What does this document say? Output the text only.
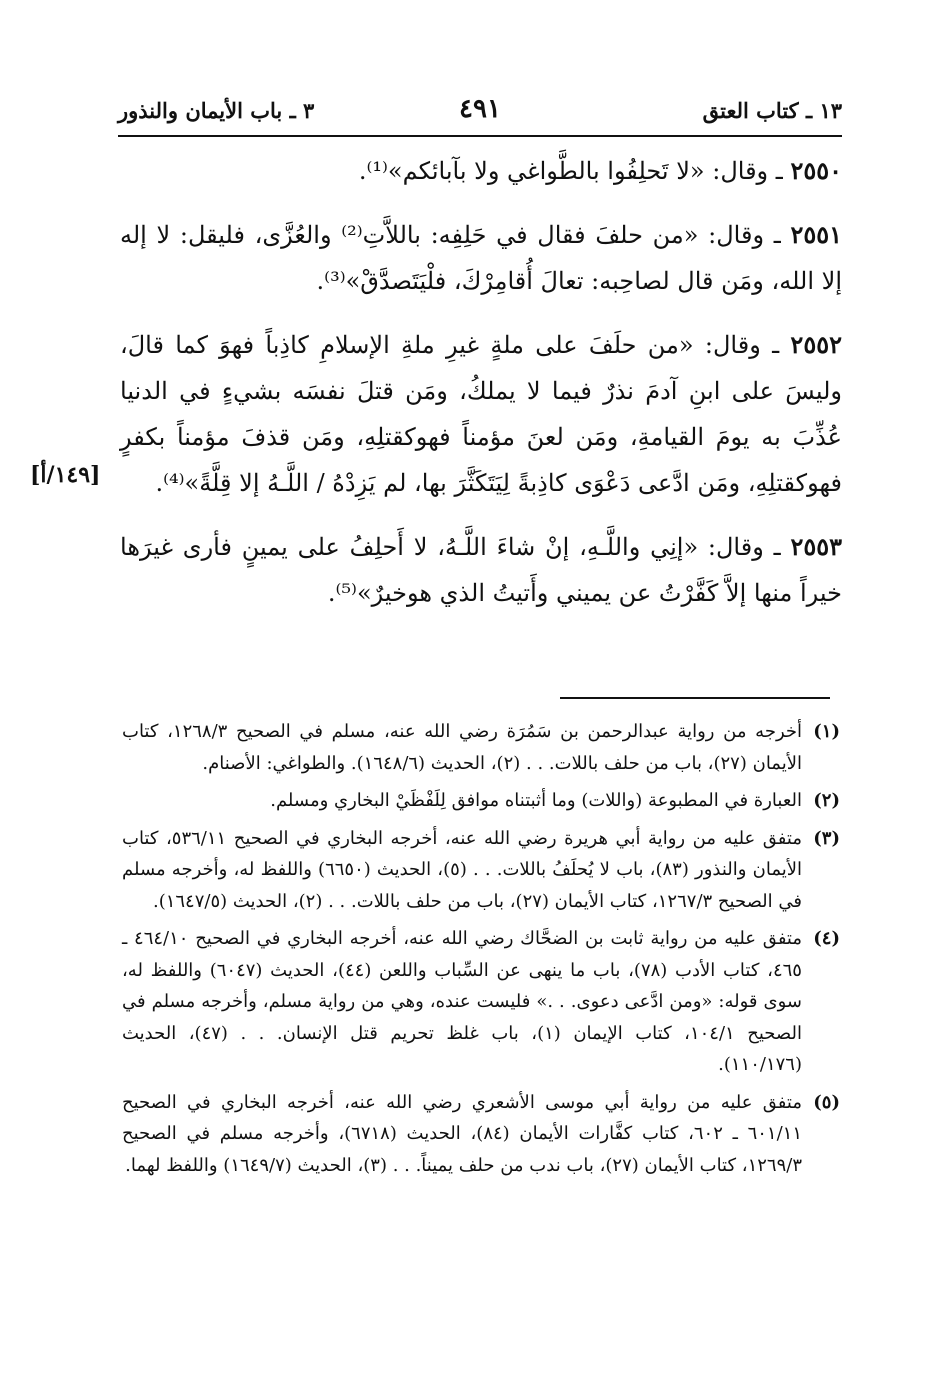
١٣ ـ كتاب العتق
٤٩١
٣ ـ باب الأيمان والنذور

٢٥٥٠ ـ وقال: «لا تَحلِفُوا بالطَّواغي ولا بآبائكم»⁽¹⁾.

٢٥٥١ ـ وقال: «من حلفَ فقال في حَلِفِه: باللاَّتِ⁽²⁾ والعُزَّى، فليقل: لا إله إلا الله، ومَن قال لصاحِبه: تعالَ أُقامِرْكَ، فلْيَتَصدَّقْ»⁽³⁾.

٢٥٥٢ ـ وقال: «من حلَفَ على ملةٍ غيرِ ملةِ الإسلامِ كاذِباً فهوَ كما قالَ، وليسَ على ابنِ آدمَ نذرٌ فيما لا يملكُ، ومَن قتلَ نفسَه بشيءٍ في الدنيا عُذِّبَ به يومَ القيامةِ، ومَن لعنَ مؤمناً فهوكقتلِهِ، ومَن قذفَ مؤمناً بكفرٍ فهوكقتلِهِ، ومَن ادَّعى دَعْوَى كاذِبةً لِيَتَكَثَّرَ بها، لم يَزِدْهُ / اللَّـهُ إلا قِلَّةً»⁽⁴⁾.

٢٥٥٣ ـ وقال: «إنِي واللَّـهِ، إنْ شاءَ اللَّـهُ، لا أَحلِفُ على يمينٍ فأرى غيرَها خيراً منها إلاَّ كَفَّرْتُ عن يميني وأَتيتُ الذي هوخيرٌ»⁽⁵⁾.

[١٤٩/أ]
(١)
أخرجه من رواية عبدالرحمن بن سَمُرَة رضي الله عنه، مسلم في الصحيح ١٢٦٨/٣، كتاب الأيمان (٢٧)، باب من حلف باللات. . . (٢)، الحديث (١٦٤٨/٦). والطواغي: الأصنام.
(٢)
العبارة في المطبوعة (واللات) وما أثبتناه موافق لِلَفْظَيْ البخاري ومسلم.
(٣)
متفق عليه من رواية أبي هريرة رضي الله عنه، أخرجه البخاري في الصحيح ٥٣٦/١١، كتاب الأيمان والنذور (٨٣)، باب لا يُحلَفُ باللات. . . (٥)، الحديث (٦٦٥٠) واللفظ له، وأخرجه مسلم في الصحيح ١٢٦٧/٣، كتاب الأيمان (٢٧)، باب من حلف باللات. . . (٢)، الحديث (١٦٤٧/٥).
(٤)
متفق عليه من رواية ثابت بن الضحَّاك رضي الله عنه، أخرجه البخاري في الصحيح ٤٦٤/١٠ ـ ٤٦٥، كتاب الأدب (٧٨)، باب ما ينهى عن السِّباب واللعن (٤٤)، الحديث (٦٠٤٧) واللفظ له، سوى قوله: «ومن ادَّعى دعوى. . .» فليست عنده، وهي من رواية مسلم، وأخرجه مسلم في الصحيح ١٠٤/١، كتاب الإيمان (١)، باب غلظ تحريم قتل الإنسان. . . (٤٧)، الحديث (١١٠/١٧٦).
(٥)
متفق عليه من رواية أبي موسى الأشعري رضي الله عنه، أخرجه البخاري في الصحيح ٦٠١/١١ ـ ٦٠٢، كتاب كفَّارات الأيمان (٨٤)، الحديث (٦٧١٨)، وأخرجه مسلم في الصحيح ١٢٦٩/٣، كتاب الأيمان (٢٧)، باب ندب من حلف يميناً. . . (٣)، الحديث (١٦٤٩/٧) واللفظ لهما.
